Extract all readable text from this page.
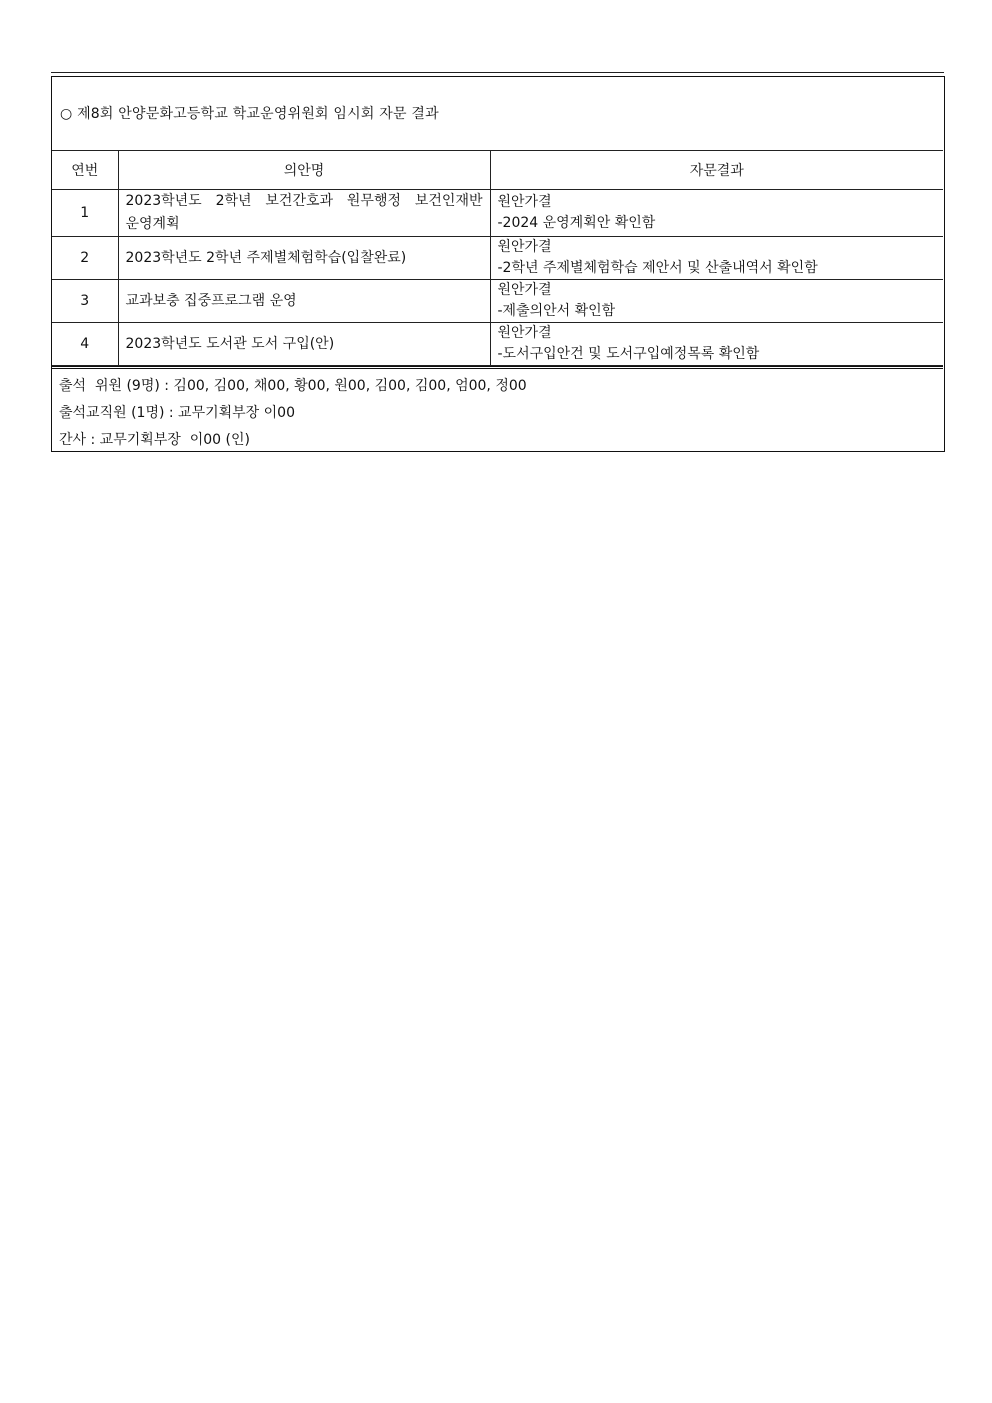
○ 제8회 안양문화고등학교 학교운영위원회 임시회 자문 결과
연번	의안명	자문결과
1	2023학년도 2학년 보건간호과 원무행정 보건인재반 운영계획	원안가결
-2024 운영계획안 확인함

2	2023학년도 2학년 주제별체험학습(입찰완료)	원안가결
-2학년 주제별체험학습 제안서 및 산출내역서 확인함

3	교과보충 집중프로그램 운영	원안가결
-제출의안서 확인함

4	2023학년도 도서관 도서 구입(안)	원안가결
-도서구입안건 및 도서구입예정목록 확인함
출석  위원 (9명) : 김00, 김00, 채00, 황00, 원00, 김00, 김00, 엄00, 정00
출석교직원 (1명) : 교무기획부장 이00
간사 : 교무기획부장  이00 (인)
